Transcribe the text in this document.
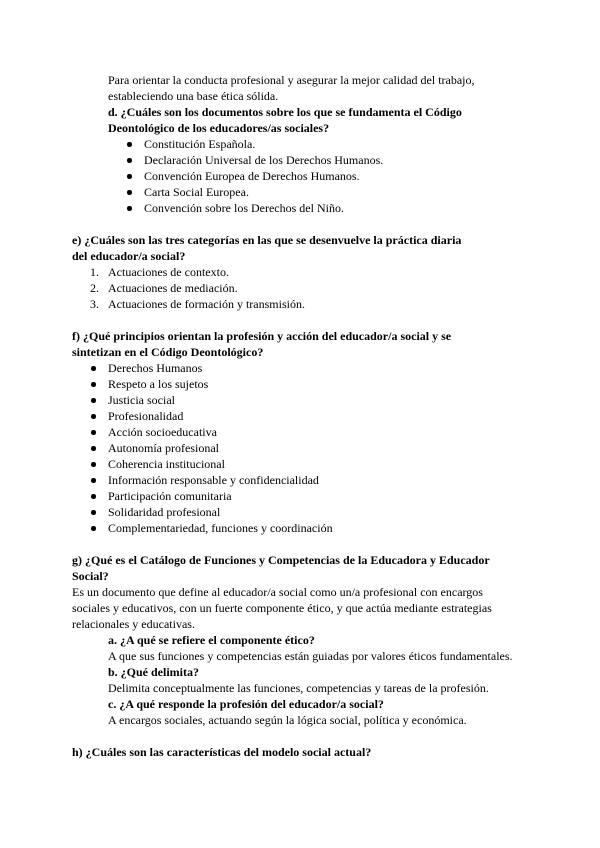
Para orientar la conducta profesional y asegurar la mejor calidad del trabajo,
estableciendo una base ética sólida.
d. ¿Cuáles son los documentos sobre los que se fundamenta el Código
Deontológico de los educadores/as sociales?
Constitución Española.
Declaración Universal de los Derechos Humanos.
Convención Europea de Derechos Humanos.
Carta Social Europea.
Convención sobre los Derechos del Niño.
e) ¿Cuáles son las tres categorías en las que se desenvuelve la práctica diaria
del educador/a social?
1. Actuaciones de contexto.
2. Actuaciones de mediación.
3. Actuaciones de formación y transmisión.
f) ¿Qué principios orientan la profesión y acción del educador/a social y se
sintetizan en el Código Deontológico?
Derechos Humanos
Respeto a los sujetos
Justicia social
Profesionalidad
Acción socioeducativa
Autonomía profesional
Coherencia institucional
Información responsable y confidencialidad
Participación comunitaria
Solidaridad profesional
Complementariedad, funciones y coordinación
g) ¿Qué es el Catálogo de Funciones y Competencias de la Educadora y Educador
Social?
Es un documento que define al educador/a social como un/a profesional con encargos
sociales y educativos, con un fuerte componente ético, y que actúa mediante estrategias
relacionales y educativas.
a. ¿A qué se refiere el componente ético?
A que sus funciones y competencias están guiadas por valores éticos fundamentales.
b. ¿Qué delimita?
Delimita conceptualmente las funciones, competencias y tareas de la profesión.
c. ¿A qué responde la profesión del educador/a social?
A encargos sociales, actuando según la lógica social, política y económica.
h) ¿Cuáles son las características del modelo social actual?
